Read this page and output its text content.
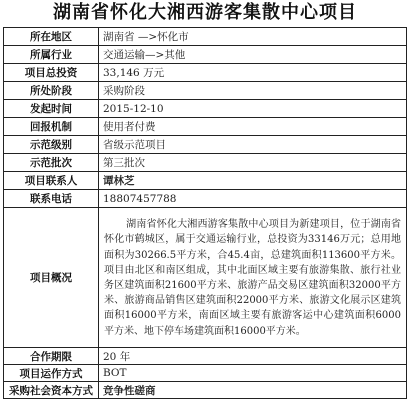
湖南省怀化大湘西游客集散中心项目
所在地区	湖南省 —>怀化市
所属行业	交通运输—>其他
项目总投资	33,146 万元
所处阶段	采购阶段
发起时间	2015-12-10
回报机制	使用者付费
示范级别	省级示范项目
示范批次	第三批次
项目联系人	谭林芝
联系电话	18807457788
项目概况	湖南省怀化大湘西游客集散中心项目为新建项目，位于湖南省怀化市鹤城区，属于交通运输行业，总投资为33146万元；总用地面积为30266.5平方米，合45.4亩，总建筑面积113600平方米。项目由北区和南区组成，其中北面区域主要有旅游集散、旅行社业务区建筑面积21600平方米、旅游产品交易区建筑面积32000平方米、旅游商品销售区建筑面积22000平方米、旅游文化展示区建筑面积16000平方米，南面区域主要有旅游客运中心建筑面积6000平方米、地下停车场建筑面积16000平方米。
合作期限	20 年
项目运作方式	BOT
采购社会资本方式	竞争性磋商
